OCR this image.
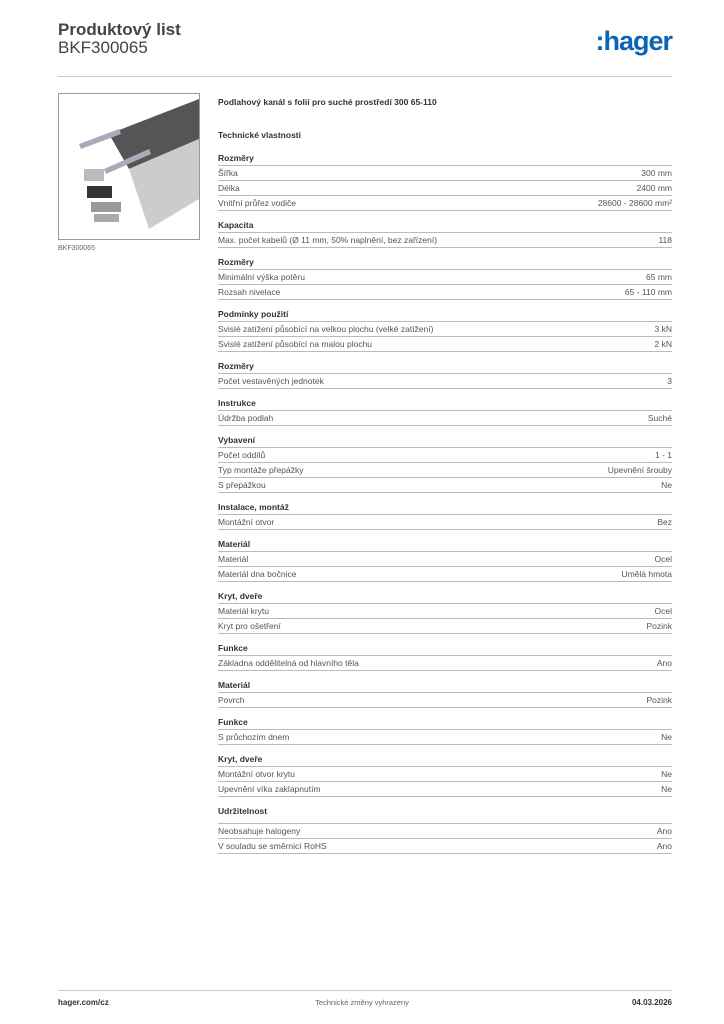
Produktový list
BKF300065	:hager
BKF300065
Podlahový kanál s folií pro suché prostředí 300 65-110
Technické vlastnosti
Rozměry
Šířka	300 mm
Délka	2400 mm
Vnitřní průřez vodiče	28600 - 28600 mm²
Kapacita
Max. počet kabelů (Ø 11 mm, 50% naplnění, bez zařízení)	118
Rozměry
Minimální výška potěru	65 mm
Rozsah nivelace	65 - 110 mm
Podmínky použití
Svislé zatížení působící na velkou plochu (velké zatížení)	3 kN
Svislé zatížení působící na malou plochu	2 kN
Rozměry
Počet vestavěných jednotek	3
Instrukce
Údržba podlah	Suché
Vybavení
Počet oddílů	1 - 1
Typ montáže přepážky	Upevnění šrouby
S přepážkou	Ne
Instalace, montáž
Montážní otvor	Bez
Materiál
Materiál	Ocel
Materiál dna bočnice	Umělá hmota
Kryt, dveře
Materiál krytu	Ocel
Kryt pro ošetření	Pozink
Funkce
Základna oddělitelná od hlavního těla	Ano
Materiál
Povrch	Pozink
Funkce
S průchozím dnem	Ne
Kryt, dveře
Montážní otvor krytu	Ne
Upevnění víka zaklapnutím	Ne
Udržitelnost
Neobsahuje halogeny	Ano
V souladu se směrnicí RoHS	Ano
hager.com/cz	Technické změny vyhrazeny	04.03.2026
